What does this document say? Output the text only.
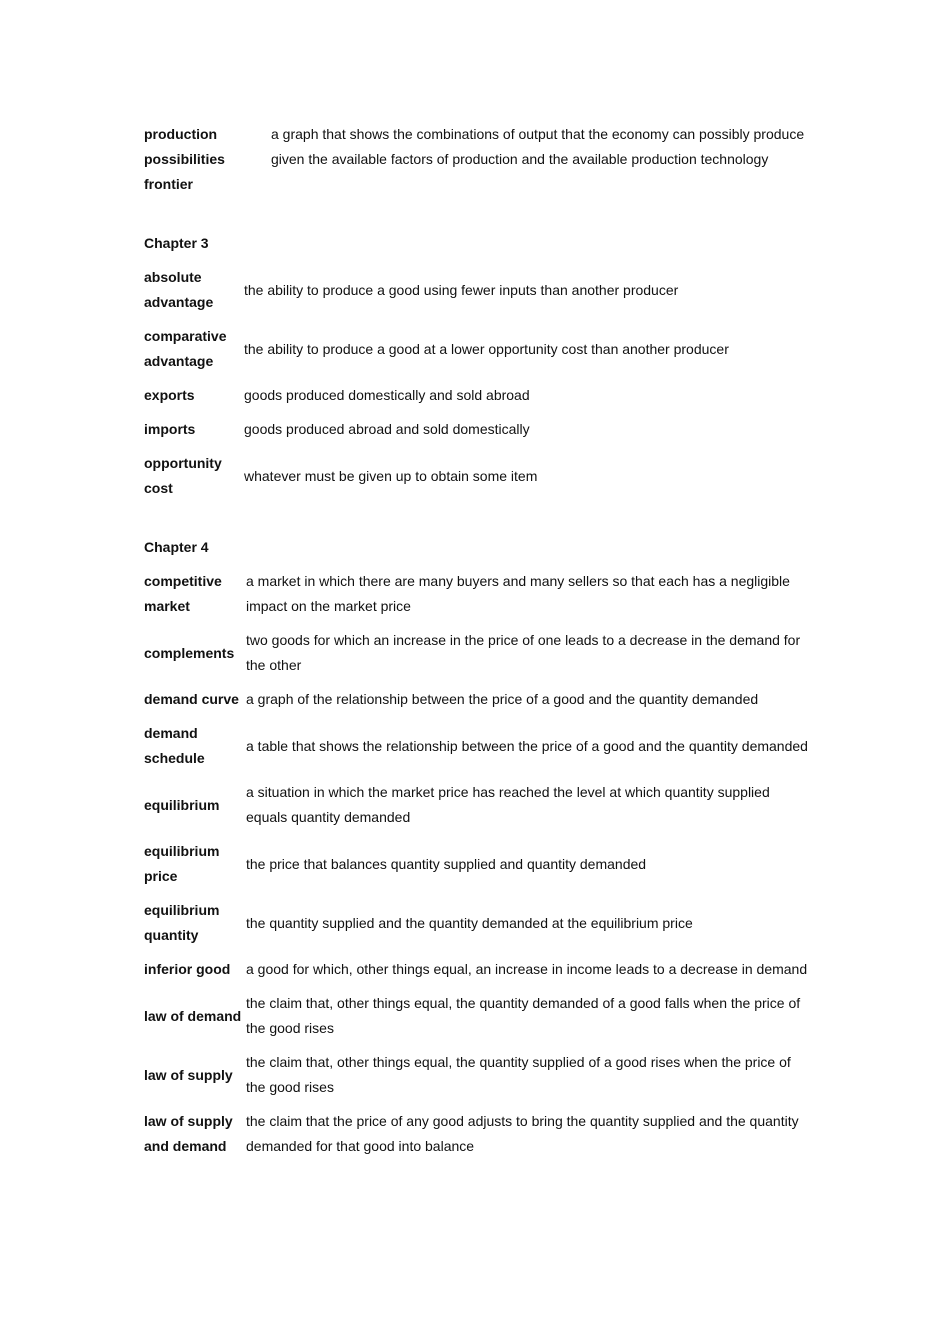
production possibilities frontier	a graph that shows the combinations of output that the economy can possibly produce given the available factors of production and the available production technology
Chapter 3
absolute advantage	the ability to produce a good using fewer inputs than another producer

comparative advantage	the ability to produce a good at a lower opportunity cost than another producer

exports	goods produced domestically and sold abroad

imports	goods produced abroad and sold domestically

opportunity cost	whatever must be given up to obtain some item
Chapter 4
competitive market	a market in which there are many buyers and many sellers so that each has a negligible impact on the market price

complements	two goods for which an increase in the price of one leads to a decrease in the demand for the other

demand curve	a graph of the relationship between the price of a good and the quantity demanded

demand schedule	a table that shows the relationship between the price of a good and the quantity demanded

equilibrium	a situation in which the market price has reached the level at which quantity supplied equals quantity demanded

equilibrium price	the price that balances quantity supplied and quantity demanded

equilibrium quantity	the quantity supplied and the quantity demanded at the equilibrium price

inferior good	a good for which, other things equal, an increase in income leads to a decrease in demand

law of demand	the claim that, other things equal, the quantity demanded of a good falls when the price of the good rises

law of supply	the claim that, other things equal, the quantity supplied of a good rises when the price of the good rises

law of supply and demand	the claim that the price of any good adjusts to bring the quantity supplied and the quantity demanded for that good into balance
